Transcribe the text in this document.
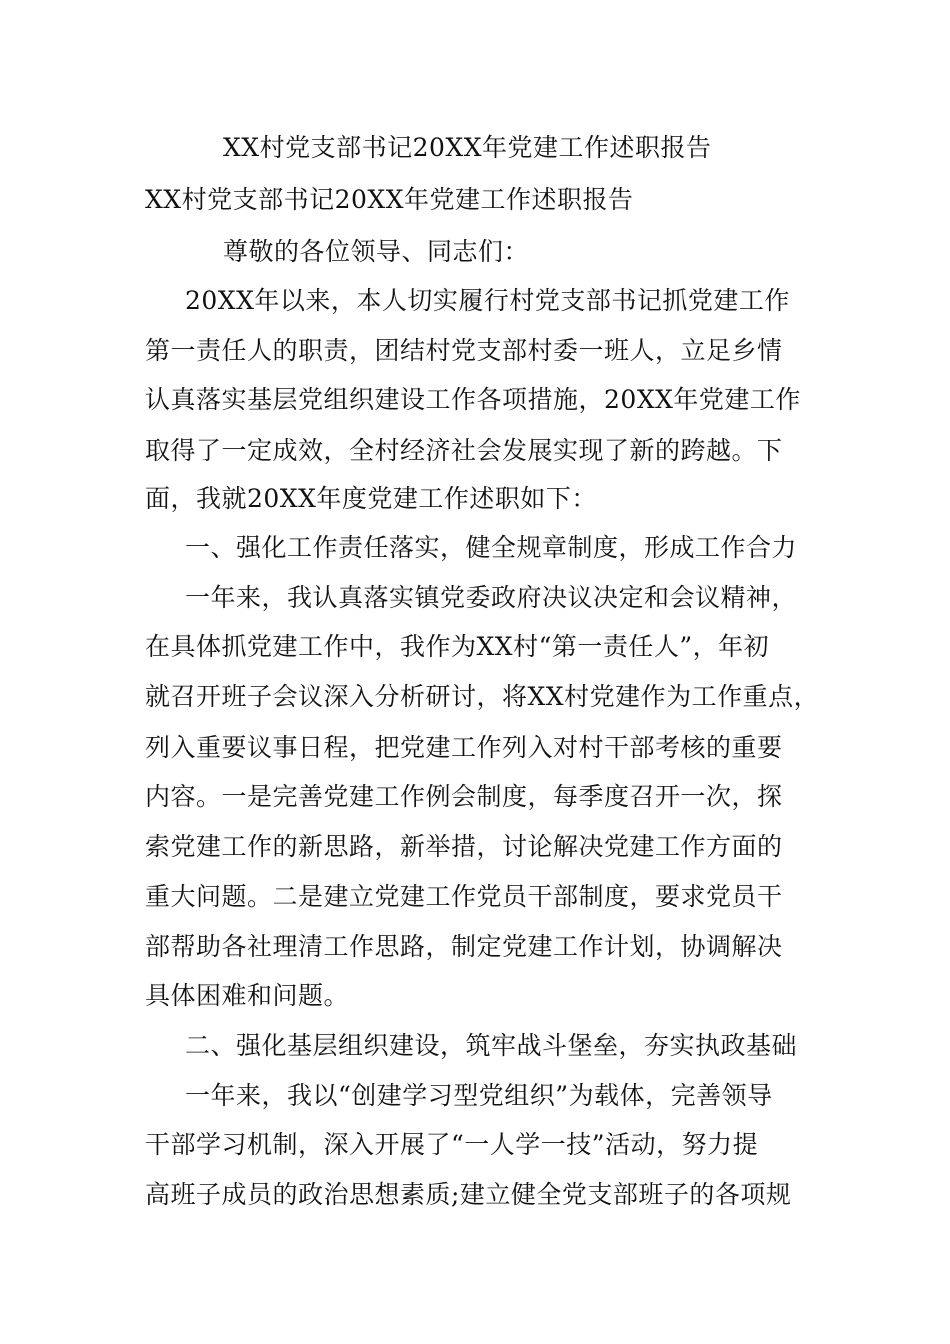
XX村党支部书记20XX年党建工作述职报告
XX村党支部书记20XX年党建工作述职报告
尊敬的各位领导、同志们：
20XX年以来，本人切实履行村党支部书记抓党建工作
第一责任人的职责，团结村党支部村委一班人，立足乡情
认真落实基层党组织建设工作各项措施，20XX年党建工作
取得了一定成效，全村经济社会发展实现了新的跨越。下
面，我就20XX年度党建工作述职如下：
一、强化工作责任落实，健全规章制度，形成工作合力
一年来，我认真落实镇党委政府决议决定和会议精神，
在具体抓党建工作中，我作为XX村“第一责任人”，年初
就召开班子会议深入分析研讨，将XX村党建作为工作重点，
列入重要议事日程，把党建工作列入对村干部考核的重要
内容。一是完善党建工作例会制度，每季度召开一次，探
索党建工作的新思路，新举措，讨论解决党建工作方面的
重大问题。二是建立党建工作党员干部制度，要求党员干
部帮助各社理清工作思路，制定党建工作计划，协调解决
具体困难和问题。
二、强化基层组织建设，筑牢战斗堡垒，夯实执政基础
一年来，我以“创建学习型党组织”为载体，完善领导
干部学习机制，深入开展了“一人学一技”活动，努力提
高班子成员的政治思想素质;建立健全党支部班子的各项规
